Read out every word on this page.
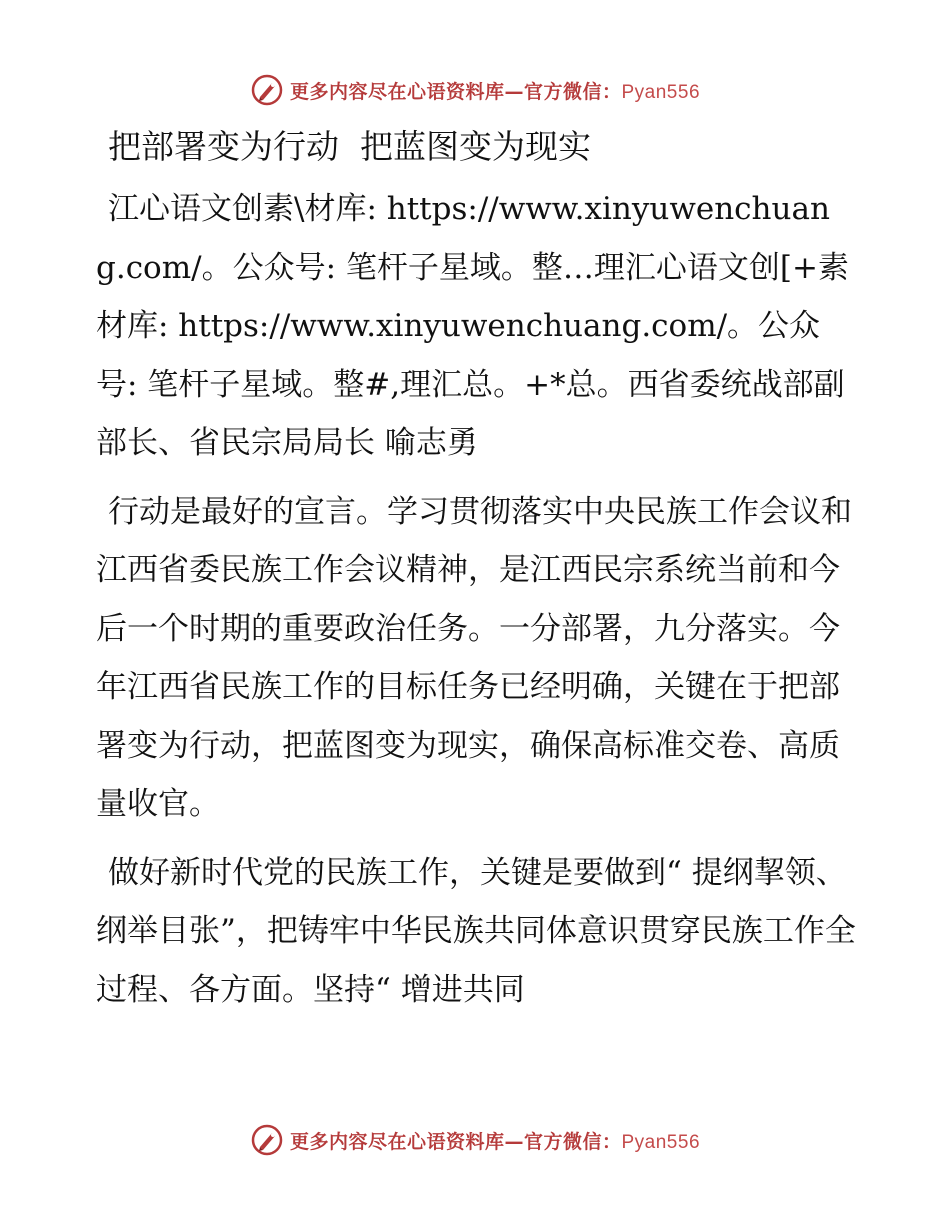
更多内容尽在心语资料库—官方微信：Pyan556
把部署变为行动  把蓝图变为现实

江心语文创素\材库: https://www.xinyuwenchuang.com/。公众号: 笔杆子星域。整…理汇心语文创[+素材库: https://www.xinyuwenchuang.com/。公众号: 笔杆子星域。整#,理汇总。+*总。西省委统战部副部长、省民宗局局长 喻志勇

行动是最好的宣言。学习贯彻落实中央民族工作会议和江西省委民族工作会议精神，是江西民宗系统当前和今后一个时期的重要政治任务。一分部署，九分落实。今年江西省民族工作的目标任务已经明确，关键在于把部署变为行动，把蓝图变为现实，确保高标准交卷、高质量收官。

做好新时代党的民族工作，关键是要做到“ 提纲挈领、纲举目张”，把铸牢中华民族共同体意识贯穿民族工作全过程、各方面。坚持“ 增进共同

更多内容尽在心语资料库—官方微信：Pyan556
